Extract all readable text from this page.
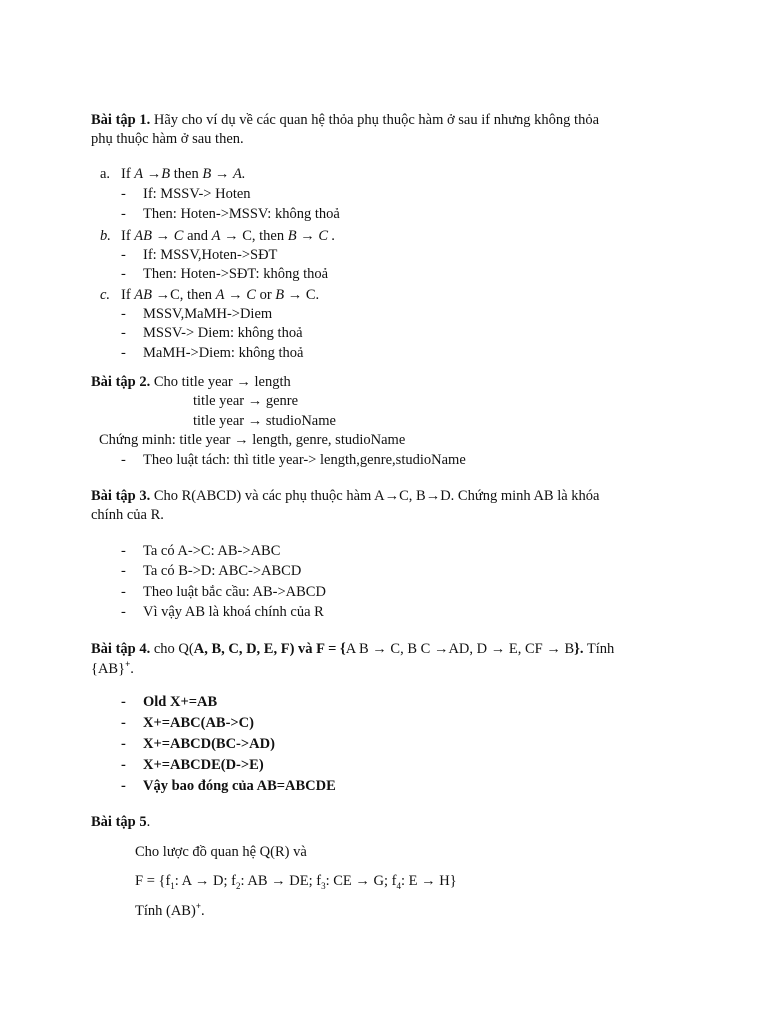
Bài tập 1. Hãy cho ví dụ về các quan hệ thỏa phụ thuộc hàm ở sau if nhưng không thỏa
phụ thuộc hàm ở sau then.
a. If A →B then B → A.
- If: MSSV-> Hoten
- Then: Hoten->MSSV: không thoả
b. If AB → C and A → C, then B → C .
- If: MSSV,Hoten->SĐT
- Then: Hoten->SĐT: không thoả
c. If AB →C, then A → C or B → C.
- MSSV,MaMH->Diem
- MSSV-> Diem: không thoả
- MaMH->Diem: không thoả
Bài tập 2. Cho title year → length
title year → genre
title year → studioName
Chứng minh: title year → length, genre, studioName
- Theo luật tách: thì title year-> length,genre,studioName
Bài tập 3. Cho R(ABCD) và các phụ thuộc hàm A→C, B→D. Chứng minh AB là khóa
chính của R.
- Ta có A->C: AB->ABC
- Ta có B->D: ABC->ABCD
- Theo luật bắc cầu: AB->ABCD
- Vì vậy AB là khoá chính của R
Bài tập 4. cho Q(A, B, C, D, E, F) và F = {A B → C, B C →AD, D → E, CF → B}. Tính
{AB}+.
- Old X+=AB
- X+=ABC(AB->C)
- X+=ABCD(BC->AD)
- X+=ABCDE(D->E)
- Vậy bao đóng của AB=ABCDE
Bài tập 5.
Cho lược đồ quan hệ Q(R) và
$F = \{f_1$: A → D; $f_2$: AB → DE; $f_3$: CE → G; $f_4$: E → H}
Tính (AB)+.
